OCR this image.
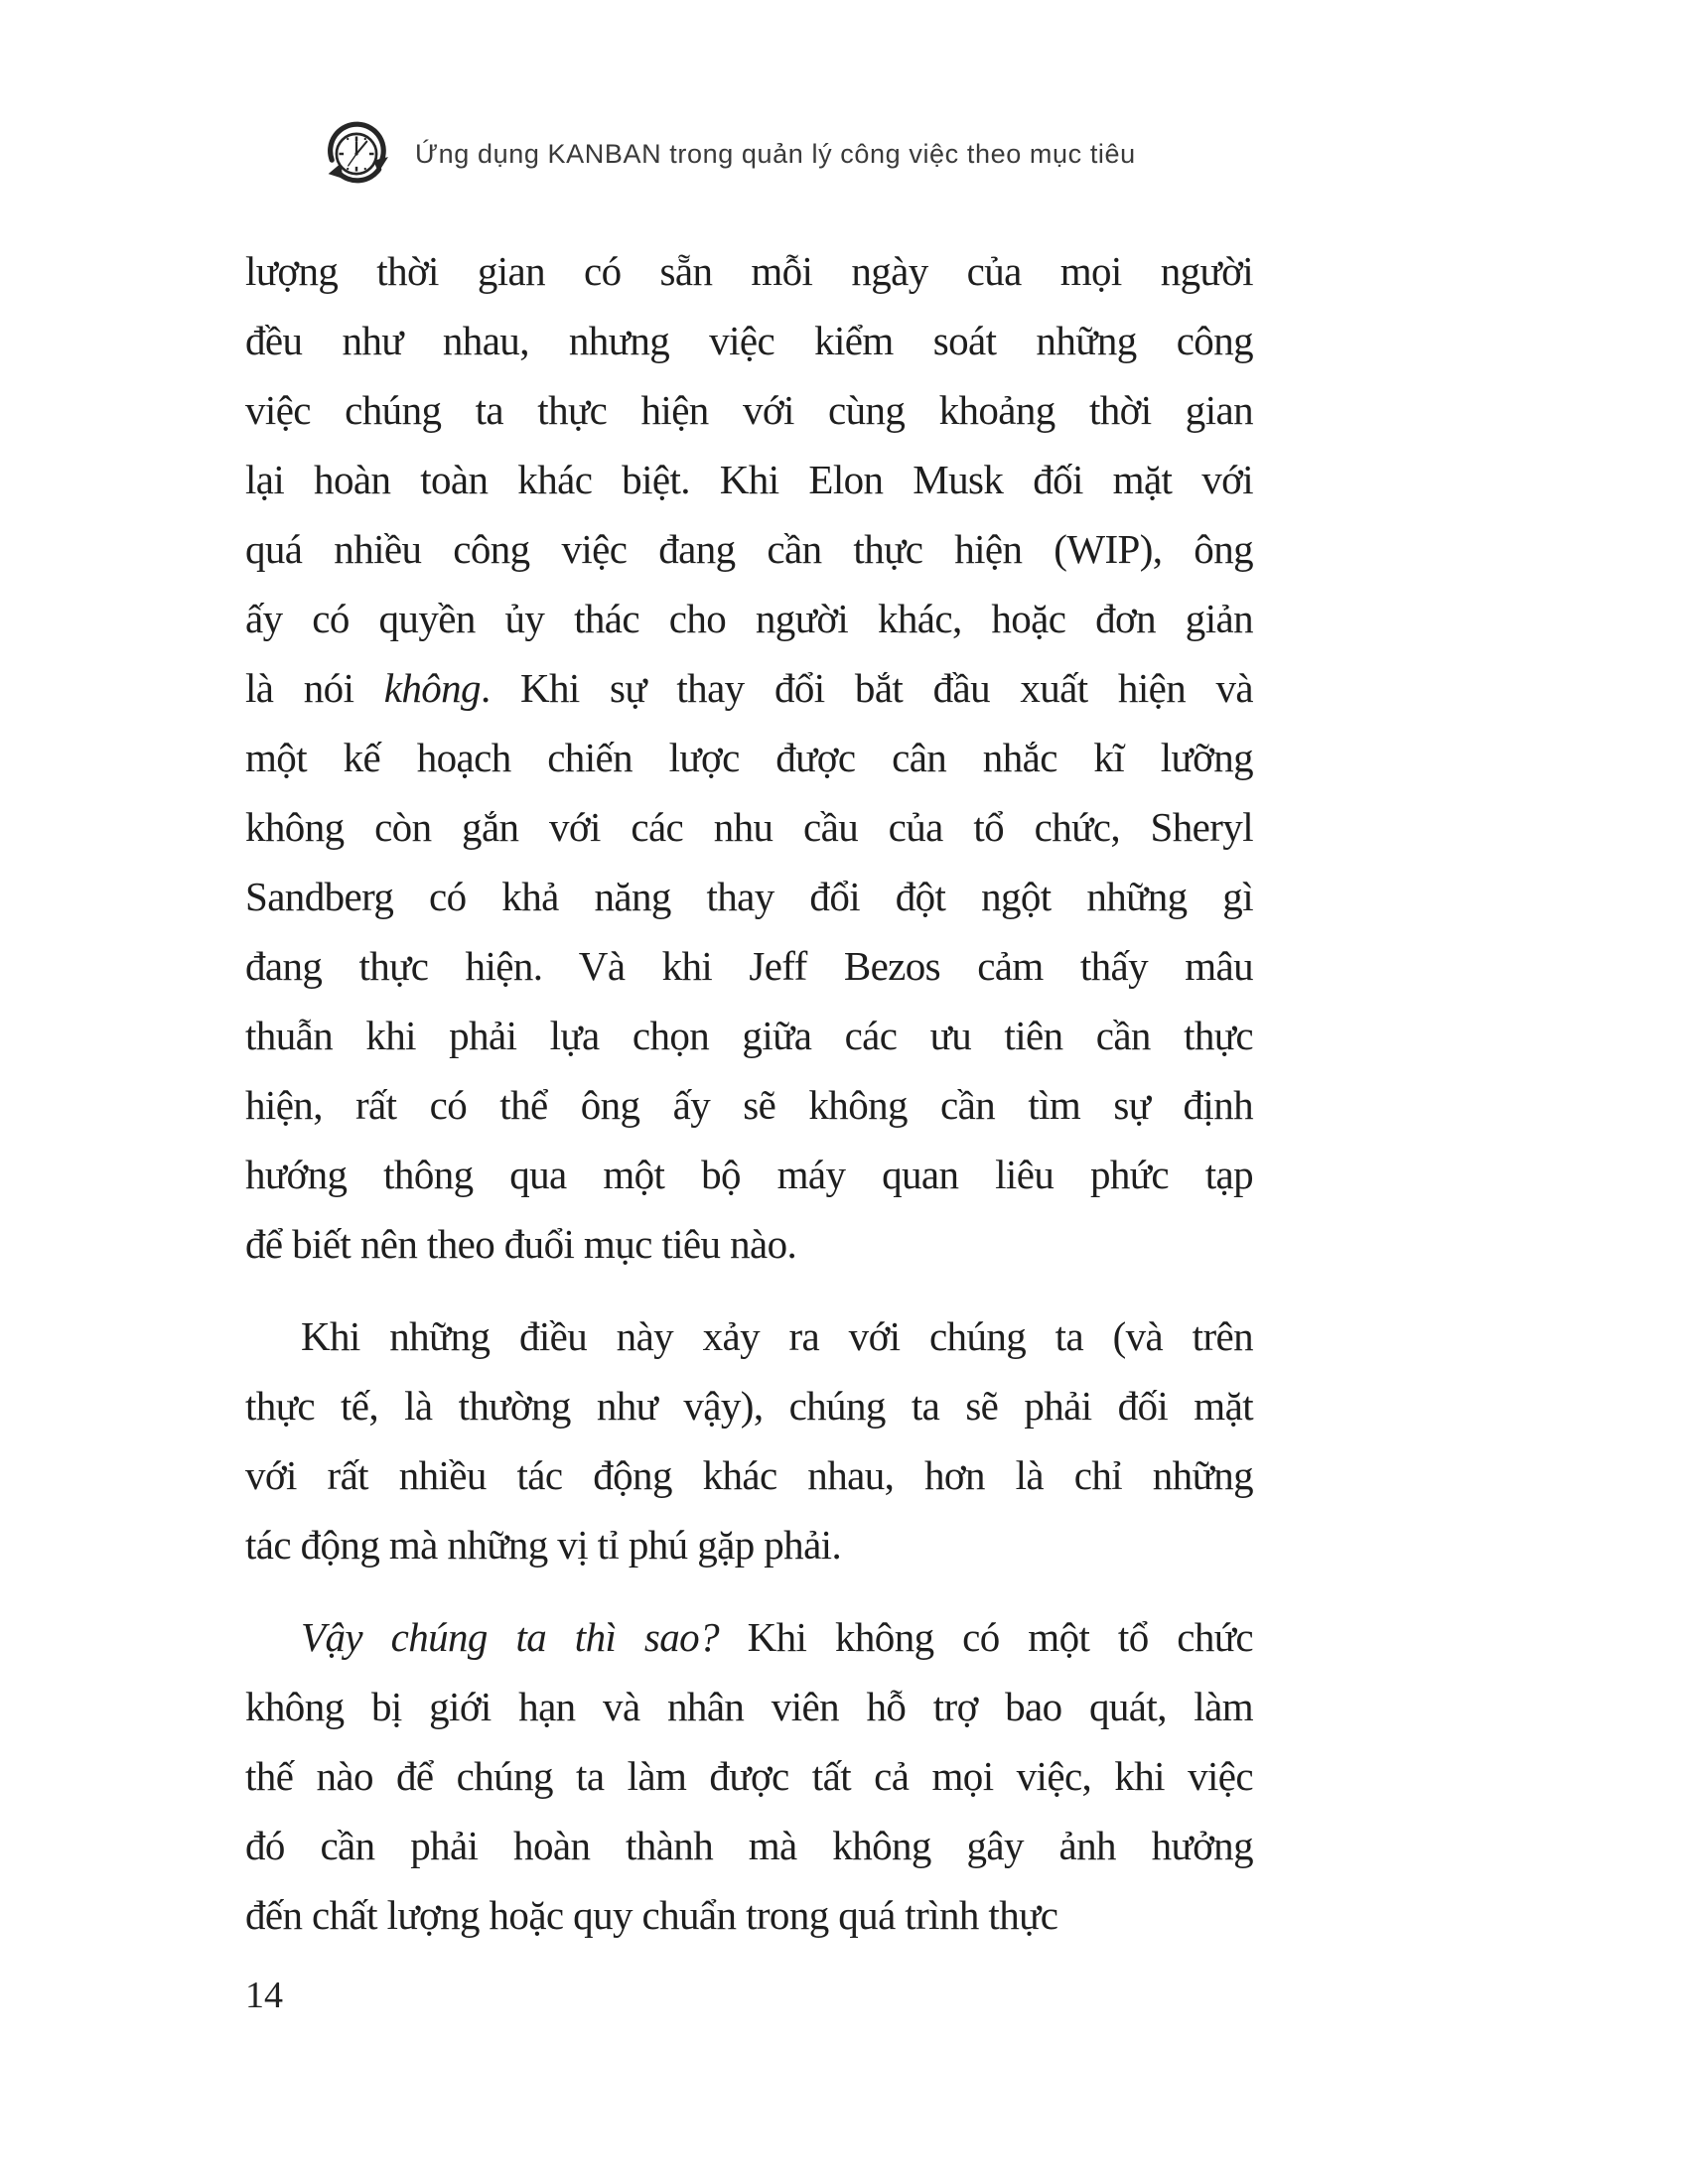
Ứng dụng KANBAN trong quản lý công việc theo mục tiêu
lượng thời gian có sẵn mỗi ngày của mọi người
đều như nhau, nhưng việc kiểm soát những công
việc chúng ta thực hiện với cùng khoảng thời gian
lại hoàn toàn khác biệt. Khi Elon Musk đối mặt với
quá nhiều công việc đang cần thực hiện (WIP), ông
ấy có quyền ủy thác cho người khác, hoặc đơn giản
là nói không. Khi sự thay đổi bắt đầu xuất hiện và
một kế hoạch chiến lược được cân nhắc kĩ lưỡng
không còn gắn với các nhu cầu của tổ chức, Sheryl
Sandberg có khả năng thay đổi đột ngột những gì
đang thực hiện. Và khi Jeff Bezos cảm thấy mâu
thuẫn khi phải lựa chọn giữa các ưu tiên cần thực
hiện, rất có thể ông ấy sẽ không cần tìm sự định
hướng thông qua một bộ máy quan liêu phức tạp
để biết nên theo đuổi mục tiêu nào.
Khi những điều này xảy ra với chúng ta (và trên
thực tế, là thường như vậy), chúng ta sẽ phải đối mặt
với rất nhiều tác động khác nhau, hơn là chỉ những
tác động mà những vị tỉ phú gặp phải.
Vậy chúng ta thì sao? Khi không có một tổ chức
không bị giới hạn và nhân viên hỗ trợ bao quát, làm
thế nào để chúng ta làm được tất cả mọi việc, khi việc
đó cần phải hoàn thành mà không gây ảnh hưởng
đến chất lượng hoặc quy chuẩn trong quá trình thực
14
